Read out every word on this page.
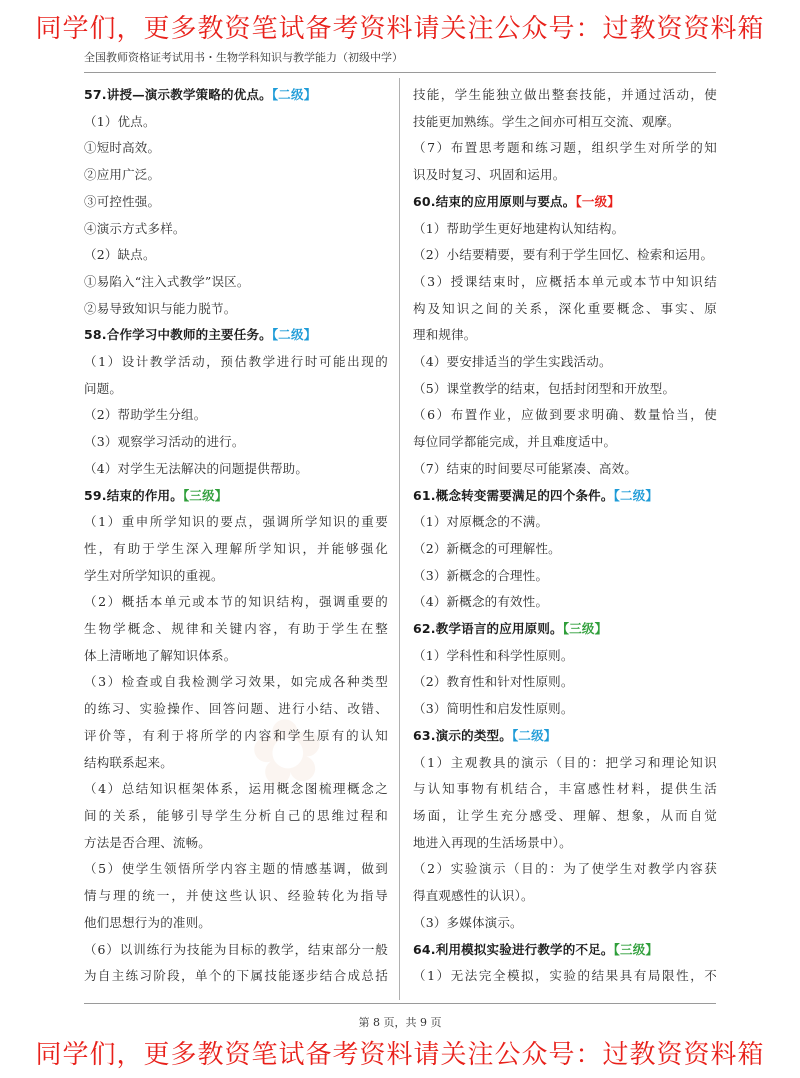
同学们，更多教资笔试备考资料请关注公众号：过教资资料箱
全国教师资格证考试用书・生物学科知识与教学能力（初级中学）
✿

57.讲授—演示教学策略的优点。【二级】

（1）优点。

①短时高效。

②应用广泛。

③可控性强。

④演示方式多样。

（2）缺点。

①易陷入“注入式教学”误区。

②易导致知识与能力脱节。

58.合作学习中教师的主要任务。【二级】

（1）设计教学活动，预估教学进行时可能出现的

问题。

（2）帮助学生分组。

（3）观察学习活动的进行。

（4）对学生无法解决的问题提供帮助。

59.结束的作用。【三级】

（1）重申所学知识的要点，强调所学知识的重要

性，有助于学生深入理解所学知识，并能够强化

学生对所学知识的重视。

（2）概括本单元或本节的知识结构，强调重要的

生物学概念、规律和关键内容，有助于学生在整

体上清晰地了解知识体系。

（3）检查或自我检测学习效果，如完成各种类型

的练习、实验操作、回答问题、进行小结、改错、

评价等，有利于将所学的内容和学生原有的认知

结构联系起来。

（4）总结知识框架体系，运用概念图梳理概念之

间的关系，能够引导学生分析自己的思维过程和

方法是否合理、流畅。

（5）使学生领悟所学内容主题的情感基调，做到

情与理的统一，并使这些认识、经验转化为指导

他们思想行为的准则。

（6）以训练行为技能为目标的教学，结束部分一般

为自主练习阶段，单个的下属技能逐步结合成总括

技能，学生能独立做出整套技能，并通过活动，使

技能更加熟练。学生之间亦可相互交流、观摩。

（7）布置思考题和练习题，组织学生对所学的知

识及时复习、巩固和运用。

60.结束的应用原则与要点。【一级】

（1）帮助学生更好地建构认知结构。

（2）小结要精要，要有利于学生回忆、检索和运用。

（3）授课结束时，应概括本单元或本节中知识结

构及知识之间的关系，深化重要概念、事实、原

理和规律。

（4）要安排适当的学生实践活动。

（5）课堂教学的结束，包括封闭型和开放型。

（6）布置作业，应做到要求明确、数量恰当，使

每位同学都能完成，并且难度适中。

（7）结束的时间要尽可能紧凑、高效。

61.概念转变需要满足的四个条件。【二级】

（1）对原概念的不满。

（2）新概念的可理解性。

（3）新概念的合理性。

（4）新概念的有效性。

62.教学语言的应用原则。【三级】

（1）学科性和科学性原则。

（2）教育性和针对性原则。

（3）简明性和启发性原则。

63.演示的类型。【二级】

（1）主观教具的演示（目的：把学习和理论知识

与认知事物有机结合，丰富感性材料，提供生活

场面，让学生充分感受、理解、想象，从而自觉

地进入再现的生活场景中）。

（2）实验演示（目的：为了使学生对教学内容获

得直观感性的认识）。

（3）多媒体演示。

64.利用模拟实验进行教学的不足。【三级】

（1）无法完全模拟，实验的结果具有局限性，不

第 8 页，共 9 页
同学们，更多教资笔试备考资料请关注公众号：过教资资料箱
